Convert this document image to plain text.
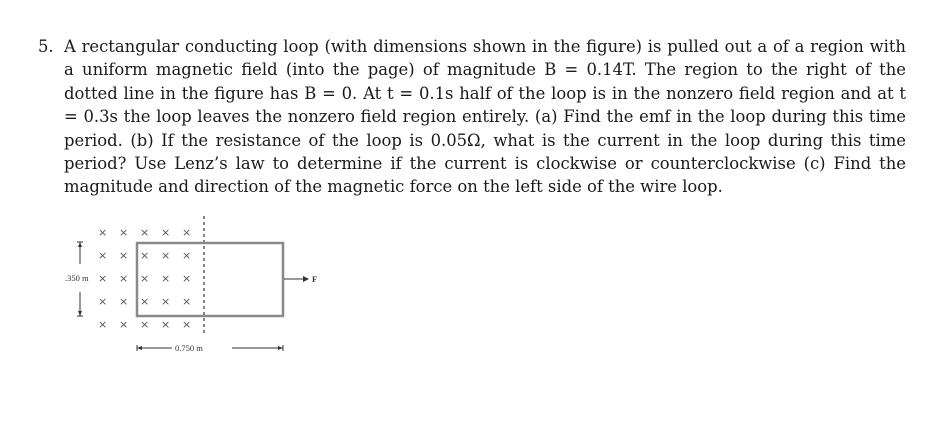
5. A rectangular conducting loop (with dimensions shown in the figure) is pulled out a of a region with a uniform magnetic field (into the page) of magnitude B = 0.14T. The region to the right of the dotted line in the figure has B = 0. At t = 0.1s half of the loop is in the nonzero field region and at t = 0.3s the loop leaves the nonzero field region entirely. (a) Find the emf in the loop during this time period. (b) If the resistance of the loop is 0.05Ω, what is the current in the loop during this time period? Use Lenz’s law to determine if the current is clockwise or counterclockwise (c) Find the magnitude and direction of the magnetic force on the left side of the wire loop.
× × × × ×
× × × × ×
× × × × ×
× × × × ×
× × × × ×
F
.350 m
0.750 m
